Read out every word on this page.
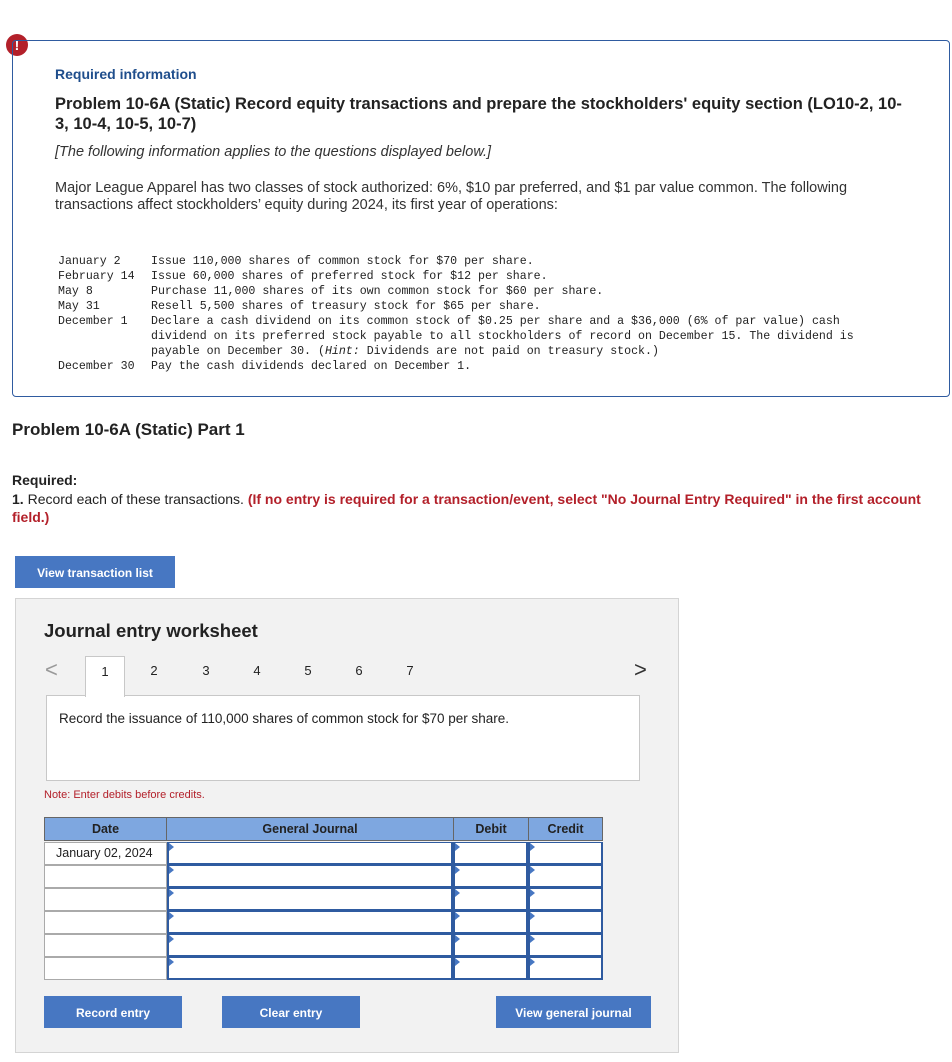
!
Required information
Problem 10-6A (Static) Record equity transactions and prepare the stockholders' equity section (LO10-2, 10-3, 10-4, 10-5, 10-7)
[The following information applies to the questions displayed below.]
Major League Apparel has two classes of stock authorized: 6%, $10 par preferred, and $1 par value common. The following transactions affect stockholders’ equity during 2024, its first year of operations:
January 2	Issue 110,000 shares of common stock for $70 per share.
February 14	Issue 60,000 shares of preferred stock for $12 per share.
May 8	Purchase 11,000 shares of its own common stock for $60 per share.
May 31	Resell 5,500 shares of treasury stock for $65 per share.
December 1	Declare a cash dividend on its common stock of $0.25 per share and a $36,000 (6% of par value) cash dividend on its preferred stock payable to all stockholders of record on December 15. The dividend is payable on December 30. (Hint: Dividends are not paid on treasury stock.)
December 30	Pay the cash dividends declared on December 1.
Problem 10-6A (Static) Part 1
Required:
1. Record each of these transactions. (If no entry is required for a transaction/event, select "No Journal Entry Required" in the first account field.)
View transaction list
Journal entry worksheet
<	>
1	2	3	4	5	6	7
Record the issuance of 110,000 shares of common stock for $70 per share.
Note: Enter debits before credits.
Date	General Journal	Debit	Credit
January 02, 2024
Record entry	Clear entry	View general journal
